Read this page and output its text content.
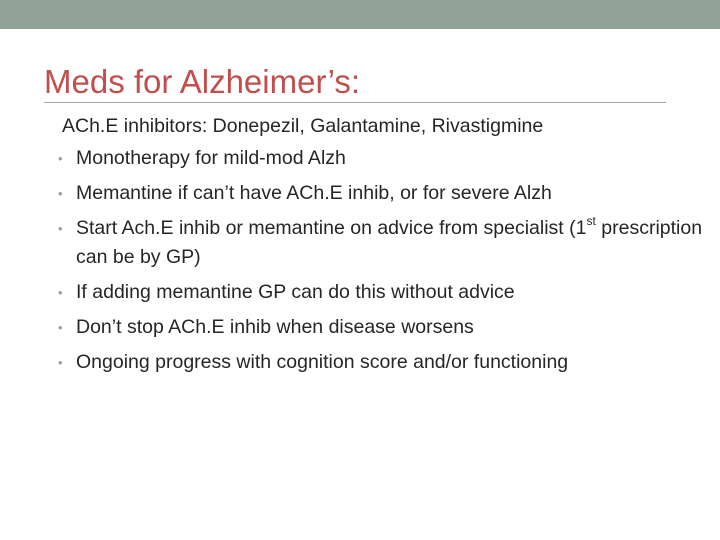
Meds for Alzheimer’s:
ACh.E inhibitors: Donepezil, Galantamine, Rivastigmine
• Monotherapy for mild-mod Alzh
• Memantine if can’t have ACh.E inhib, or for severe Alzh
• Start Ach.E inhib or memantine on advice from specialist (1st prescription can be by GP)
• If adding memantine GP can do this without advice
• Don’t stop ACh.E inhib when disease worsens
• Ongoing progress with cognition score and/or functioning
